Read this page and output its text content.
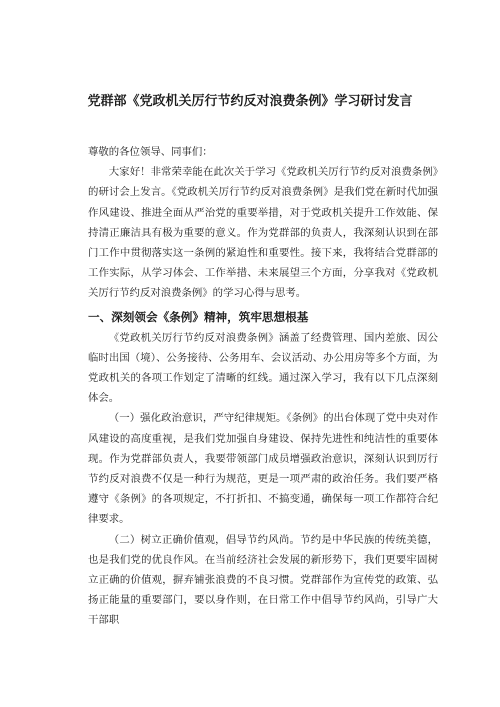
党群部《党政机关厉行节约反对浪费条例》学习研讨发言

尊敬的各位领导、同事们：

大家好！非常荣幸能在此次关于学习《党政机关厉行节约反对浪费条例》的研讨会上发言。《党政机关厉行节约反对浪费条例》是我们党在新时代加强作风建设、推进全面从严治党的重要举措，对于党政机关提升工作效能、保持清正廉洁具有极为重要的意义。作为党群部的负责人，我深刻认识到在部门工作中贯彻落实这一条例的紧迫性和重要性。接下来，我将结合党群部的工作实际，从学习体会、工作举措、未来展望三个方面，分享我对《党政机关厉行节约反对浪费条例》的学习心得与思考。

一、深刻领会《条例》精神，筑牢思想根基

《党政机关厉行节约反对浪费条例》涵盖了经费管理、国内差旅、因公临时出国（境）、公务接待、公务用车、会议活动、办公用房等多个方面，为党政机关的各项工作划定了清晰的红线。通过深入学习，我有以下几点深刻体会。

（一）强化政治意识，严守纪律规矩。《条例》的出台体现了党中央对作风建设的高度重视，是我们党加强自身建设、保持先进性和纯洁性的重要体现。作为党群部负责人，我要带领部门成员增强政治意识，深刻认识到厉行节约反对浪费不仅是一种行为规范，更是一项严肃的政治任务。我们要严格遵守《条例》的各项规定，不打折扣、不搞变通，确保每一项工作都符合纪律要求。

（二）树立正确价值观，倡导节约风尚。节约是中华民族的传统美德，也是我们党的优良作风。在当前经济社会发展的新形势下，我们更要牢固树立正确的价值观，摒弃铺张浪费的不良习惯。党群部作为宣传党的政策、弘扬正能量的重要部门，要以身作则，在日常工作中倡导节约风尚，引导广大干部职
